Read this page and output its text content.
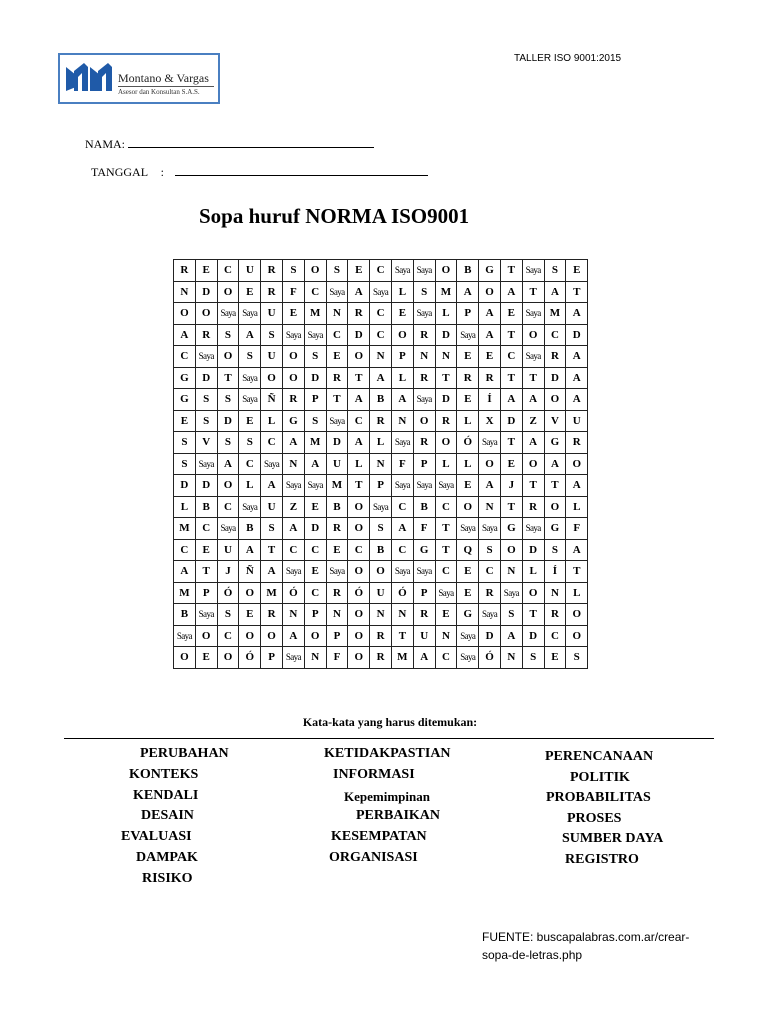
Montano & Vargas
Asesor dan Konsultan S.A.S.
TALLER ISO 9001:2015
NAMA:
TANGGAL :
Sopa huruf NORMA ISO9001
R	E	C	U	R	S	O	S	E	C	Saya	Saya	O	B	G	T	Saya	S	E
N	D	O	E	R	F	C	Saya	A	Saya	L	S	M	A	O	A	T	A	T
O	O	Saya	Saya	U	E	M	N	R	C	E	Saya	L	P	A	E	Saya	M	A
A	R	S	A	S	Saya	Saya	C	D	C	O	R	D	Saya	A	T	O	C	D
C	Saya	O	S	U	O	S	E	O	N	P	N	N	E	E	C	Saya	R	A
G	D	T	Saya	O	O	D	R	T	A	L	R	T	R	R	T	T	D	A
G	S	S	Saya	Ñ	R	P	T	A	B	A	Saya	D	E	Í	A	A	O	A
E	S	D	E	L	G	S	Saya	C	R	N	O	R	L	X	D	Z	V	U
S	V	S	S	C	A	M	D	A	L	Saya	R	O	Ó	Saya	T	A	G	R
S	Saya	A	C	Saya	N	A	U	L	N	F	P	L	L	O	E	O	A	O
D	D	O	L	A	Saya	Saya	M	T	P	Saya	Saya	Saya	E	A	J	T	T	A
L	B	C	Saya	U	Z	E	B	O	Saya	C	B	C	O	N	T	R	O	L
M	C	Saya	B	S	A	D	R	O	S	A	F	T	Saya	Saya	G	Saya	G	F
C	E	U	A	T	C	C	E	C	B	C	G	T	Q	S	O	D	S	A
A	T	J	Ñ	A	Saya	E	Saya	O	O	Saya	Saya	C	E	C	N	L	Í	T
M	P	Ó	O	M	Ó	C	R	Ó	U	Ó	P	Saya	E	R	Saya	O	N	L
B	Saya	S	E	R	N	P	N	O	N	N	R	E	G	Saya	S	T	R	O
Saya	O	C	O	O	A	O	P	O	R	T	U	N	Saya	D	A	D	C	O
O	E	O	Ó	P	Saya	N	F	O	R	M	A	C	Saya	Ó	N	S	E	S
Kata-kata yang harus ditemukan:
PERUBAHAN
KONTEKS
KENDALI
DESAIN
EVALUASI
DAMPAK
RISIKO
KETIDAKPASTIAN
INFORMASI
Kepemimpinan
PERBAIKAN
KESEMPATAN
ORGANISASI
PERENCANAAN
POLITIK
PROBABILITAS
PROSES
SUMBER DAYA
REGISTRO
FUENTE: buscapalabras.com.ar/crear-
sopa-de-letras.php
